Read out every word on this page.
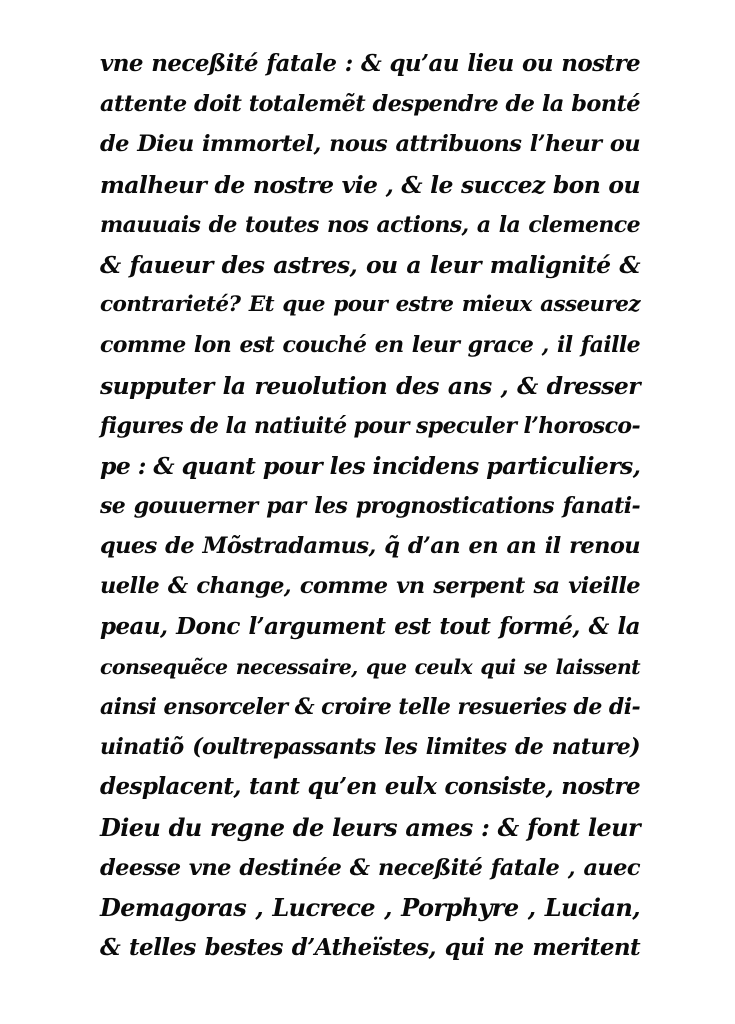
vne neceßité fatale : & qu’au lieu ou nostre
attente doit totalemẽt despendre de la bonté
de Dieu immortel, nous attribuons l’heur ou
malheur de nostre vie , & le succez bon ou
mauuais de toutes nos actions, a la clemence
& faueur des astres, ou a leur malignité &
contrarieté? Et que pour estre mieux asseurez
comme lon est couché en leur grace , il faille
supputer la reuolution des ans , & dresser
figures de la natiuité pour speculer l’horosco-
pe : & quant pour les incidens particuliers,
se gouuerner par les prognostications fanati-
ques de Mõstradamus, q̃ d’an en an il renou
uelle & change, comme vn serpent sa vieille
peau, Donc l’argument est tout formé, & la
consequẽce necessaire, que ceulx qui se laissent
ainsi ensorceler & croire telle resueries de di-
uinatiõ (oultrepassants les limites de nature)
desplacent, tant qu’en eulx consiste, nostre
Dieu du regne de leurs ames : & font leur
deesse vne destinée & neceßité fatale , auec
Demagoras , Lucrece , Porphyre , Lucian,
& telles bestes d’Atheïstes, qui ne meritent
